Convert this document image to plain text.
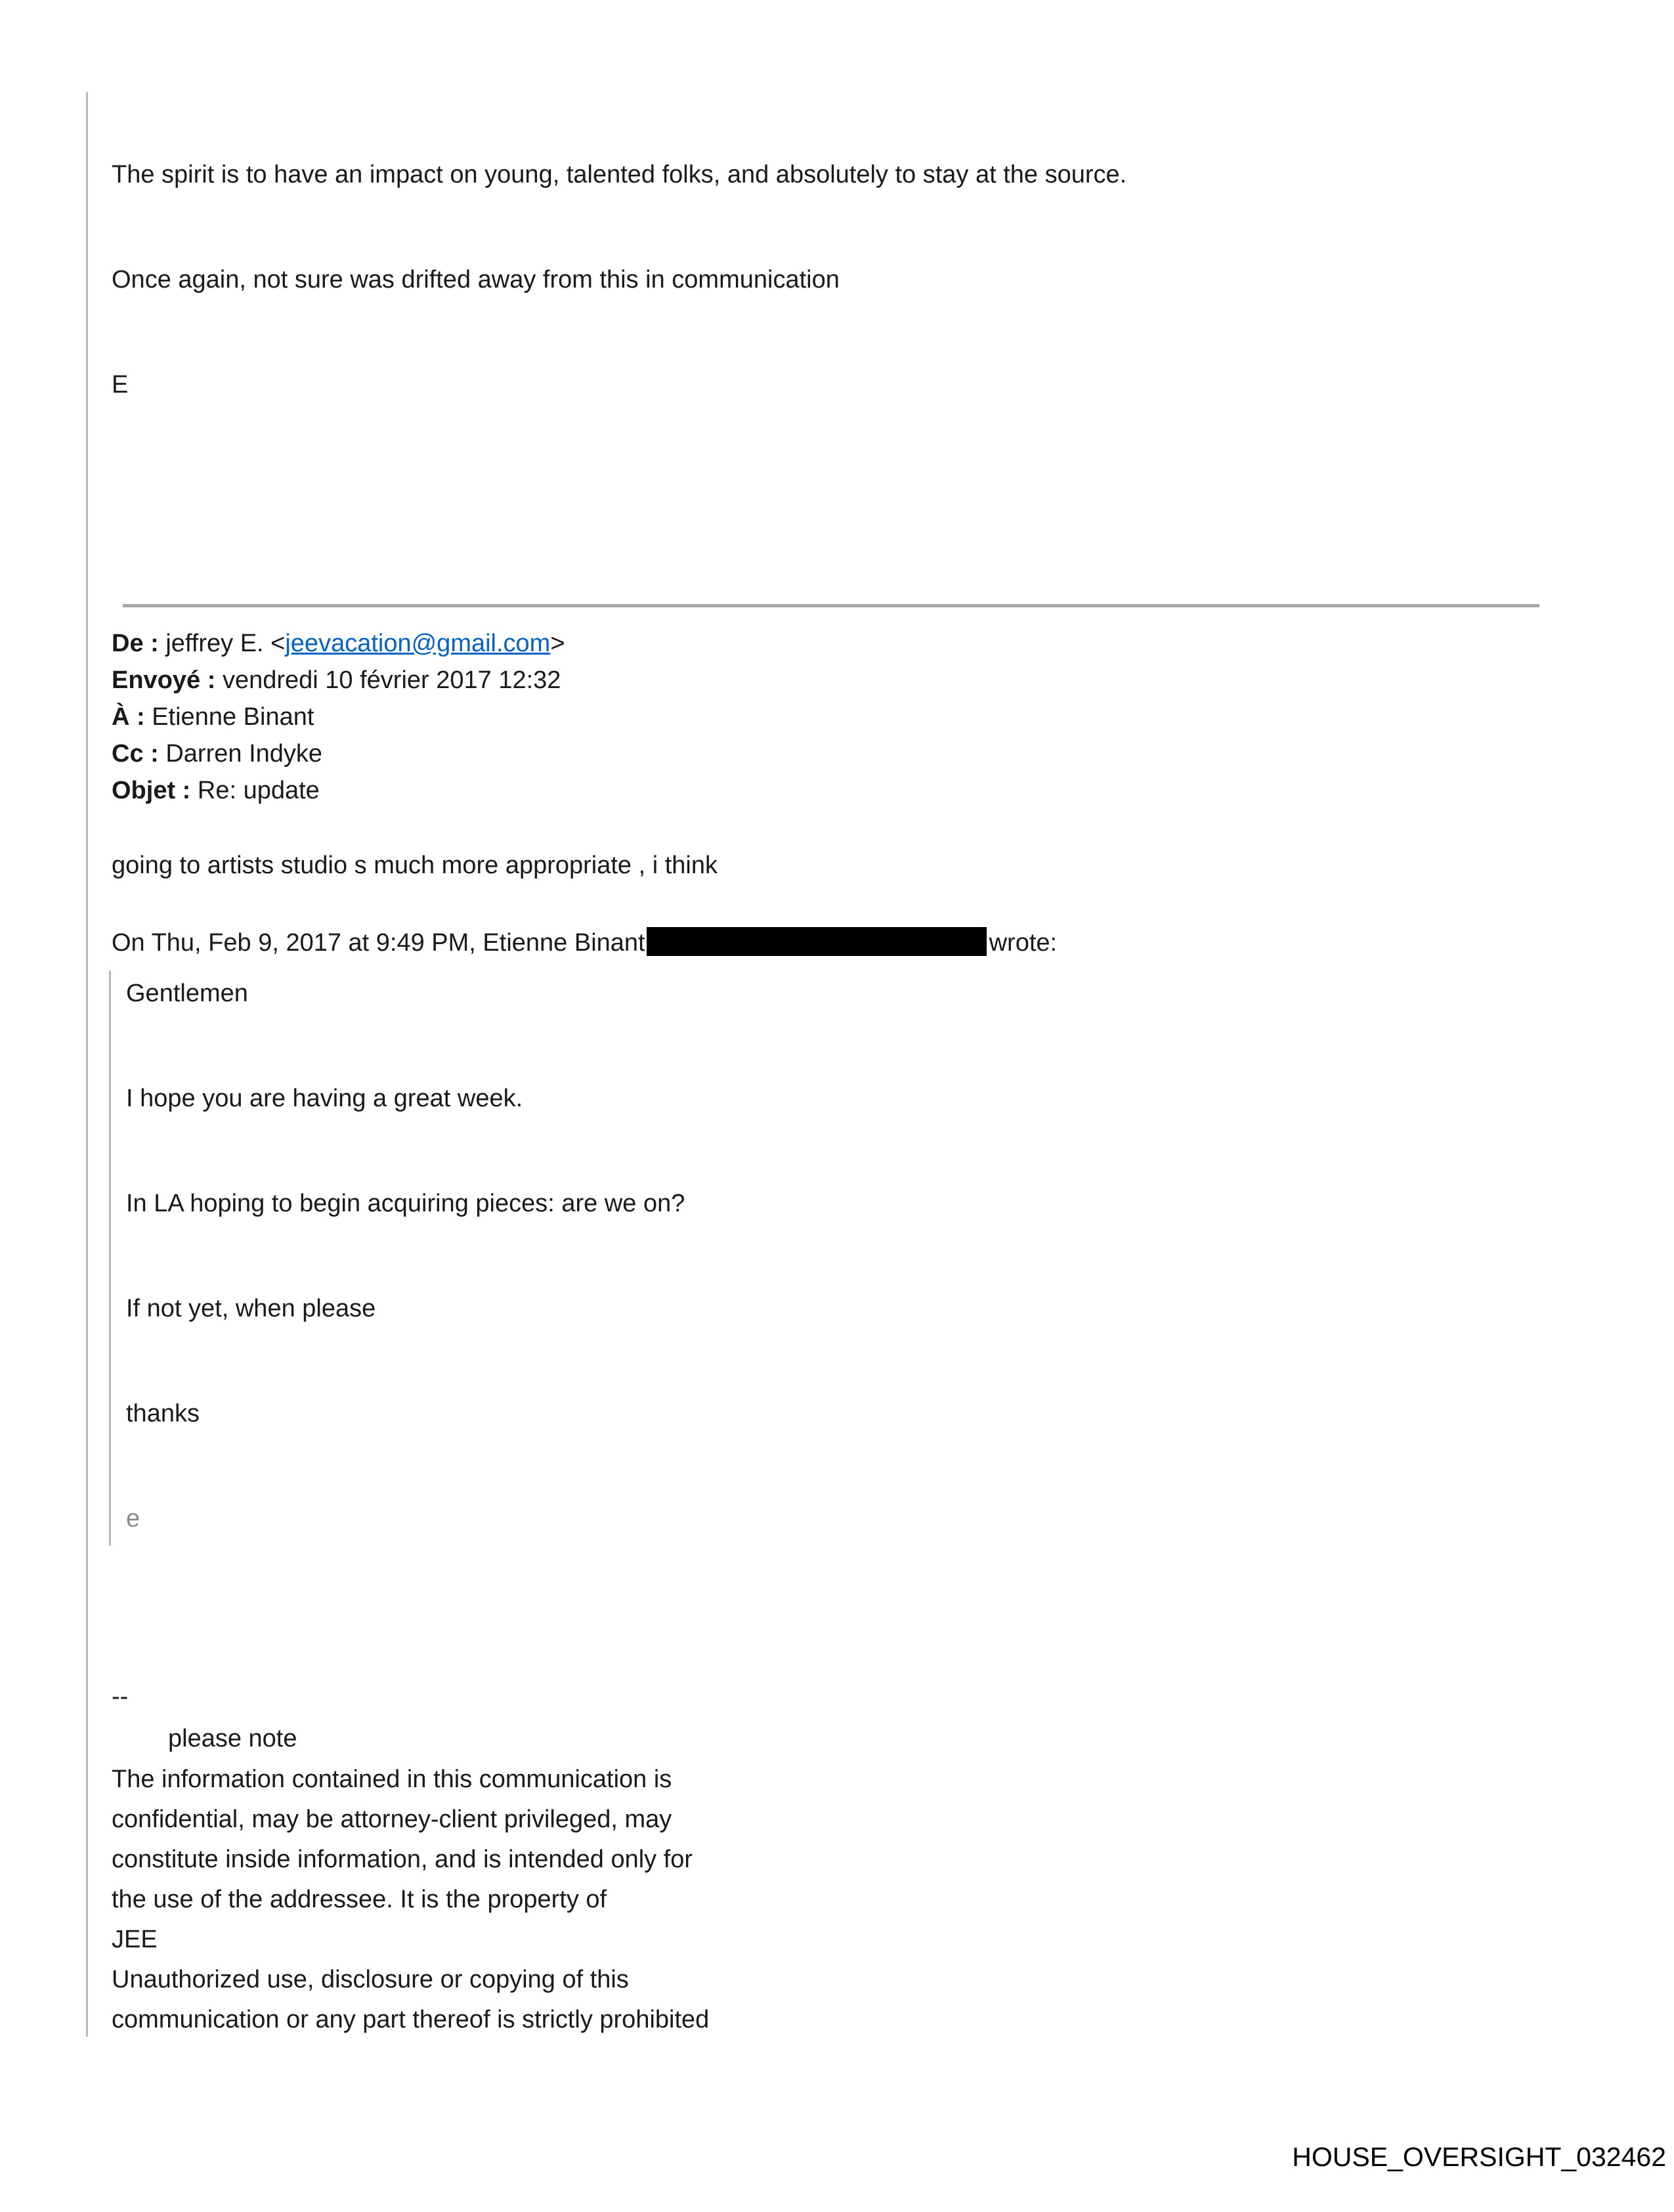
The spirit is to have an impact on young, talented folks, and absolutely to stay at the source.

Once again, not sure was drifted away from this in communication

E

De : jeffrey E. <jeevacation@gmail.com>
Envoyé : vendredi 10 février 2017 12:32
À : Etienne Binant
Cc : Darren Indyke
Objet : Re: update
going to artists studio s much more appropriate , i think
On Thu, Feb 9, 2017 at 9:49 PM, Etienne Binant	wrote:

Gentlemen

I hope you are having a great week.

In LA hoping to begin acquiring pieces: are we on?

If not yet, when please

thanks

e

--
please note
The information contained in this communication is
confidential, may be attorney-client privileged, may
constitute inside information, and is intended only for
the use of the addressee. It is the property of
JEE
Unauthorized use, disclosure or copying of this
communication or any part thereof is strictly prohibited
HOUSE_OVERSIGHT_032462
